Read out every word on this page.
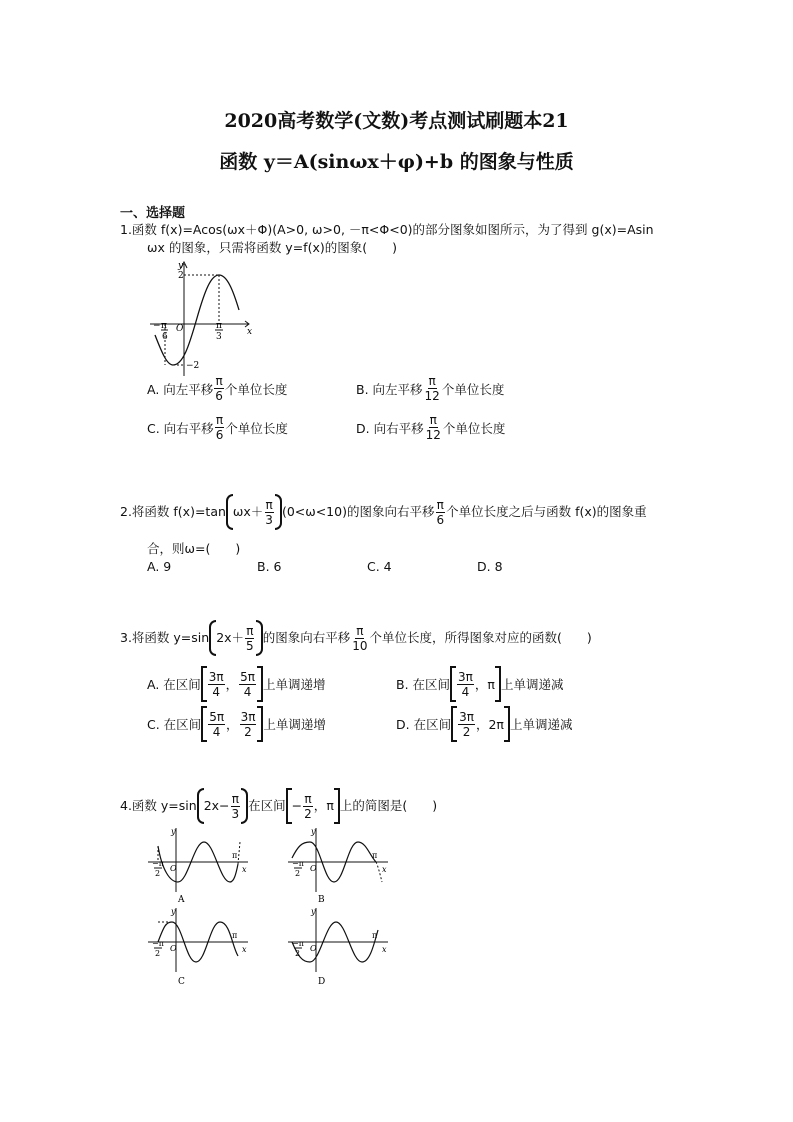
2020高考数学(文数)考点测试刷题本21
函数 y＝A(sinωx＋φ)+b 的图象与性质
一、选择题
1.函数 f(x)=Acos(ωx＋Φ)(A>0, ω>0, －π<Φ<0)的部分图象如图所示，为了得到 g(x)=Asin
ωx 的图象，只需将函数 y=f(x)的图象(　　)
y
x
O
2
−2
− π
6
π
3
A. 向左平移 $\frac{\pi}{6}$ 个单位长度	B. 向左平移 $\frac{\pi}{12}$ 个单位长度
C. 向右平移 $\frac{\pi}{6}$ 个单位长度	D. 向右平移 $\frac{\pi}{12}$ 个单位长度
2.将函数 f(x)=tan $\omega x+ \frac{\pi}{3} (0<\omega<10)$的图象向右平移 $\frac{\pi}{6}$ 个单位长度之后与函数 f(x)的图象重
合，则ω=(　　)
A. 9	B. 6	C. 4	D. 8
3.将函数 y=sin $2x+ \frac{\pi}{5}$ 的图象向右平移 $\frac{\pi}{10}$ 个单位长度，所得图象对应的函数(　　)
A. 在区间 $\frac{3\pi}{4}$ ， $\frac{5\pi}{4}$ 上单调递增	B. 在区间 $\frac{3\pi}{4}$ ， π 上单调递减
C. 在区间 $\frac{5\pi}{4}$ ， $\frac{3\pi}{2}$ 上单调递增	D. 在区间 $\frac{3\pi}{2}$ ， 2π 上单调递减
4.函数 y=sin $2x- \frac{\pi}{3}$ 在区间 − $\frac{\pi}{2}$ ， π 上的简图是(　　)
y
x
O
−π
2
π
A
y
x
O
−π
2
π
B
y
x
O
−π
2
π
C
y
x
O
−π
2
π
D
